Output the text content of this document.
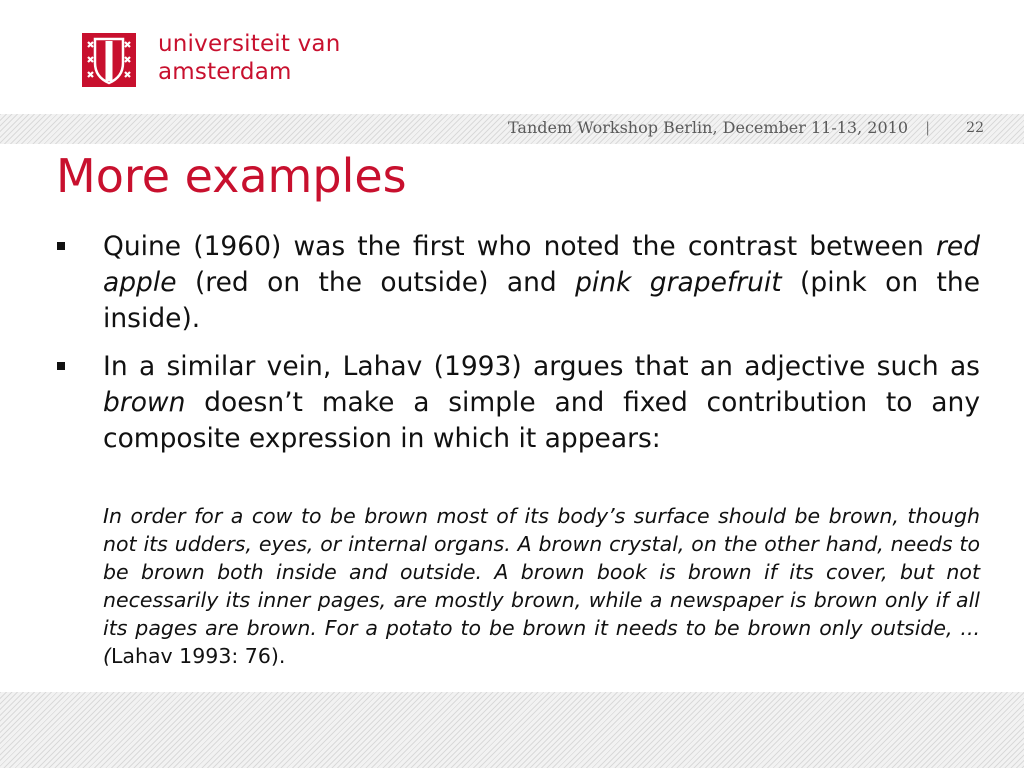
universiteit van
amsterdam
Tandem Workshop Berlin, December 11-13, 2010 |	22
More examples
Quine (1960) was the first who noted the contrast between red apple (red on the outside) and pink grapefruit (pink on the inside).
In a similar vein, Lahav (1993) argues that an adjective such as brown doesn’t make a simple and fixed contribution to any composite expression in which it appears:

In order for a cow to be brown most of its body’s surface should be brown, though not its udders, eyes, or internal organs. A brown crystal, on the other hand, needs to be brown both inside and outside. A brown book is brown if its cover, but not necessarily its inner pages, are mostly brown, while a newspaper is brown only if all its pages are brown. For a potato to be brown it needs to be brown only outside, ... (Lahav 1993: 76).
